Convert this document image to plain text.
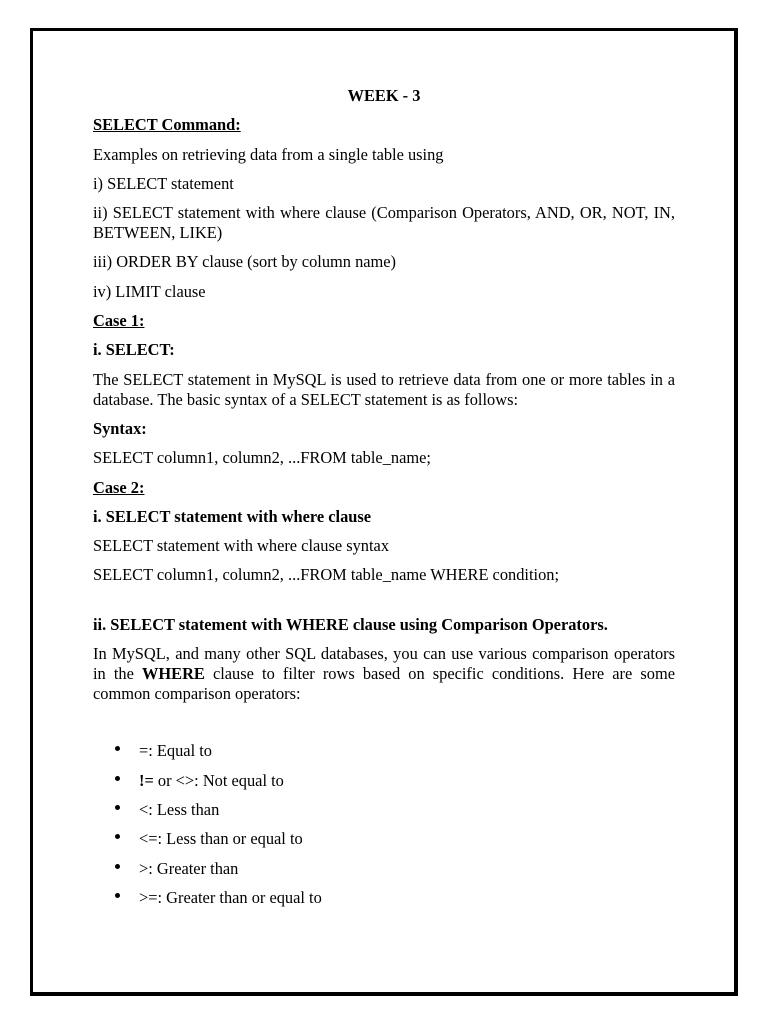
WEEK - 3

SELECT Command:

Examples on retrieving data from a single table using

i) SELECT statement

ii) SELECT statement with where clause (Comparison Operators, AND, OR, NOT, IN, BETWEEN, LIKE)

iii) ORDER BY clause (sort by column name)

iv) LIMIT clause

Case 1:

i. SELECT:

The SELECT statement in MySQL is used to retrieve data from one or more tables in a database. The basic syntax of a SELECT statement is as follows:

Syntax:

SELECT column1, column2, ...FROM table_name;

Case 2:

i. SELECT statement with where clause

SELECT statement with where clause syntax

SELECT column1, column2, ...FROM table_name WHERE condition;

ii. SELECT statement with WHERE clause using Comparison Operators.

In MySQL, and many other SQL databases, you can use various comparison operators in the WHERE clause to filter rows based on specific conditions. Here are some common comparison operators:

=: Equal to
!= or <>: Not equal to
<: Less than
<=: Less than or equal to
>: Greater than
>=: Greater than or equal to
